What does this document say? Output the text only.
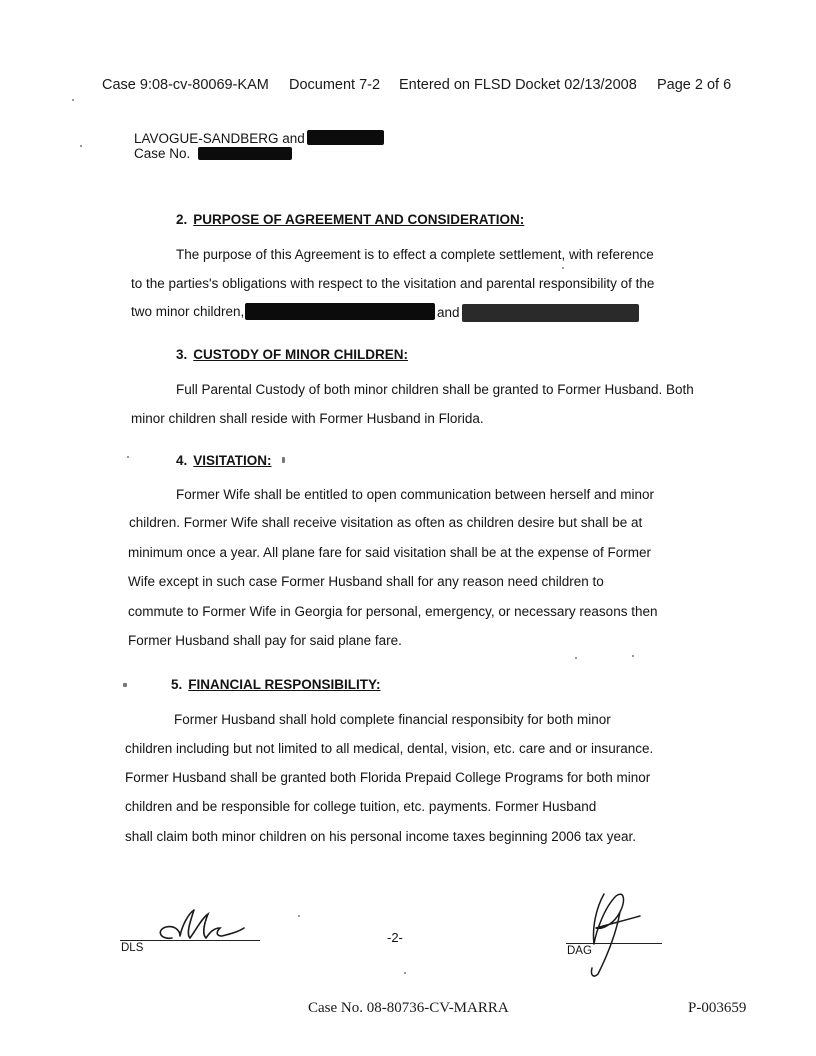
Case 9:08-cv-80069-KAM Document 7-2 Entered on FLSD Docket 02/13/2008 Page 2 of 6
LAVOGUE-SANDBERG and
Case No.
2. PURPOSE OF AGREEMENT AND CONSIDERATION:
The purpose of this Agreement is to effect a complete settlement, with reference
to the parties's obligations with respect to the visitation and parental responsibility of the
two minor children,	and
3. CUSTODY OF MINOR CHILDREN:
Full Parental Custody of both minor children shall be granted to Former Husband. Both
minor children shall reside with Former Husband in Florida.
4. VISITATION:
Former Wife shall be entitled to open communication between herself and minor
children. Former Wife shall receive visitation as often as children desire but shall be at
minimum once a year. All plane fare for said visitation shall be at the expense of Former
Wife except in such case Former Husband shall for any reason need children to
commute to Former Wife in Georgia for personal, emergency, or necessary reasons then
Former Husband shall pay for said plane fare.
5. FINANCIAL RESPONSIBILITY:
Former Husband shall hold complete financial responsibity for both minor
children including but not limited to all medical, dental, vision, etc. care and or insurance.
Former Husband shall be granted both Florida Prepaid College Programs for both minor
children and be responsible for college tuition, etc. payments. Former Husband
shall claim both minor children on his personal income taxes beginning 2006 tax year.
DLS
-2-
DAG
Case No. 08-80736-CV-MARRA	P-003659
